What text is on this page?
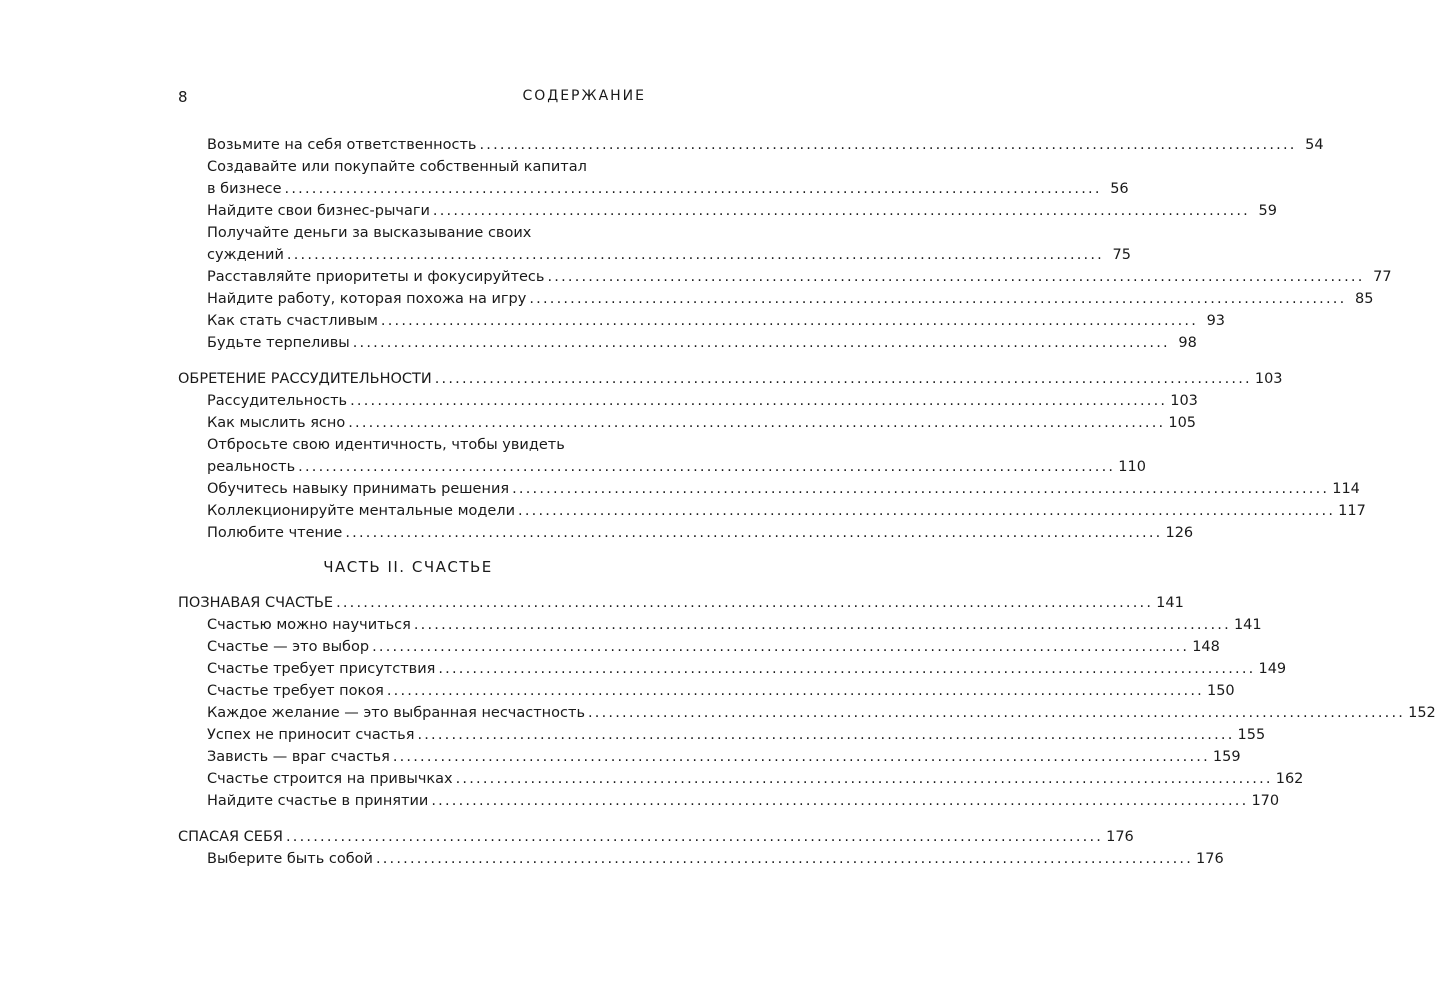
8	СОДЕРЖАНИЕ
Возьмите на себя ответственность ........................................................................................................................ 54
Создавайте или покупайте собственный капитал
в бизнесе ........................................................................................................................ 56
Найдите свои бизнес-рычаги ........................................................................................................................ 59
Получайте деньги за высказывание своих
суждений ........................................................................................................................ 75
Расставляйте приоритеты и фокусируйтесь ........................................................................................................................ 77
Найдите работу, которая похожа на игру ........................................................................................................................ 85
Как стать счастливым ........................................................................................................................ 93
Будьте терпеливы ........................................................................................................................ 98
ОБРЕТЕНИЕ РАССУДИТЕЛЬНОСТИ ........................................................................................................................ 103
Рассудительность ........................................................................................................................ 103
Как мыслить ясно ........................................................................................................................ 105
Отбросьте свою идентичность, чтобы увидеть
реальность ........................................................................................................................ 110
Обучитесь навыку принимать решения ........................................................................................................................ 114
Коллекционируйте ментальные модели ........................................................................................................................ 117
Полюбите чтение ........................................................................................................................ 126
ЧАСТЬ II. СЧАСТЬЕ
ПОЗНАВАЯ СЧАСТЬЕ ........................................................................................................................ 141
Счастью можно научиться ........................................................................................................................ 141
Счастье — это выбор ........................................................................................................................ 148
Счастье требует присутствия ........................................................................................................................ 149
Счастье требует покоя ........................................................................................................................ 150
Каждое желание — это выбранная несчастность ........................................................................................................................ 152
Успех не приносит счастья ........................................................................................................................ 155
Зависть — враг счастья ........................................................................................................................ 159
Счастье строится на привычках ........................................................................................................................ 162
Найдите счастье в принятии ........................................................................................................................ 170
СПАСАЯ СЕБЯ ........................................................................................................................ 176
Выберите быть собой ........................................................................................................................ 176
